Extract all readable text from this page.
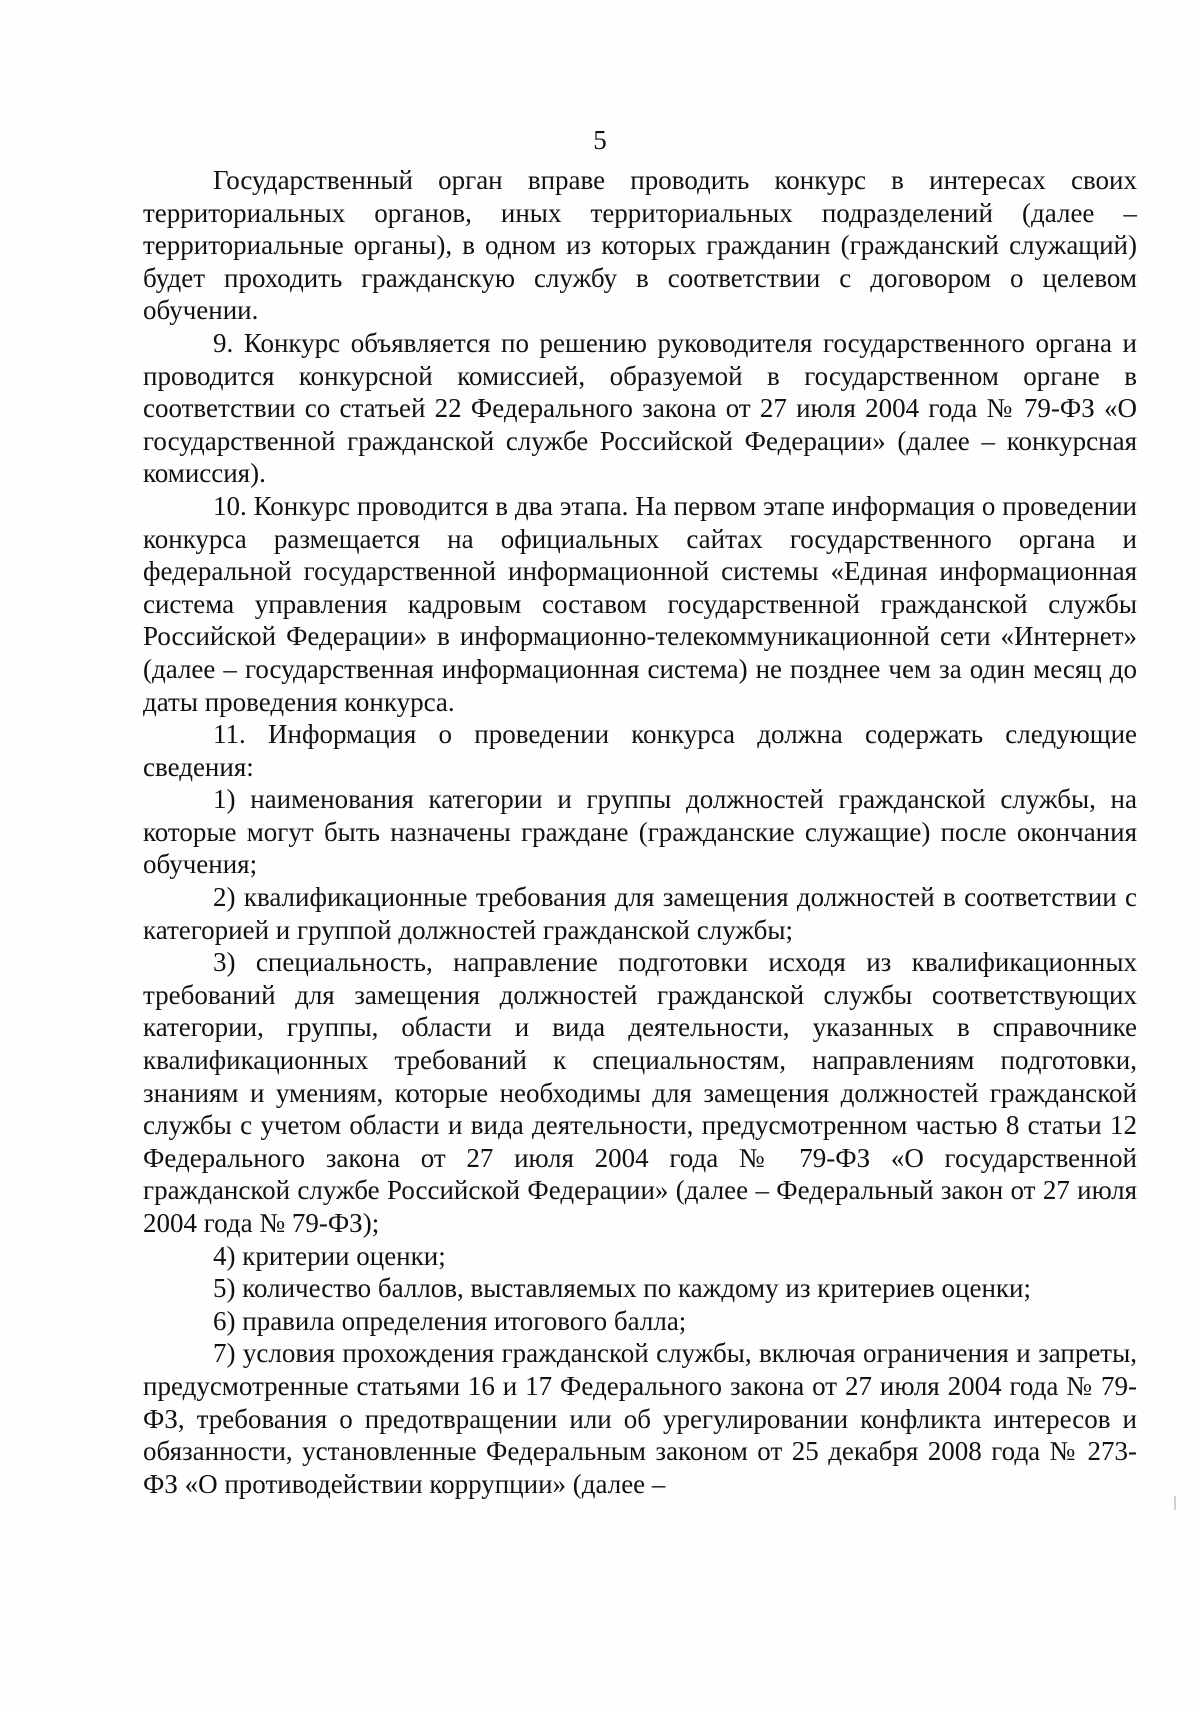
5

Государственный орган вправе проводить конкурс в интересах своих территориальных органов, иных территориальных подразделений (далее – территориальные органы), в одном из которых гражданин (гражданский служащий) будет проходить гражданскую службу в соответствии с договором о целевом обучении.

9. Конкурс объявляется по решению руководителя государственного органа и проводится конкурсной комиссией, образуемой в государственном органе в соответствии со статьей 22 Федерального закона от 27 июля 2004 года № 79-ФЗ «О государственной гражданской службе Российской Федерации» (далее – конкурсная комиссия).

10. Конкурс проводится в два этапа. На первом этапе информация о проведении конкурса размещается на официальных сайтах государственного органа и федеральной государственной информационной системы «Единая информационная система управления кадровым составом государственной гражданской службы Российской Федерации» в информационно-телекоммуникационной сети «Интернет» (далее – государственная информационная система) не позднее чем за один месяц до даты проведения конкурса.

11. Информация о проведении конкурса должна содержать следующие сведения:

1) наименования категории и группы должностей гражданской службы, на которые могут быть назначены граждане (гражданские служащие) после окончания обучения;

2) квалификационные требования для замещения должностей в соответствии с категорией и группой должностей гражданской службы;

3) специальность, направление подготовки исходя из квалификационных требований для замещения должностей гражданской службы соответствующих категории, группы, области и вида деятельности, указанных в справочнике квалификационных требований к специальностям, направлениям подготовки, знаниям и умениям, которые необходимы для замещения должностей гражданской службы с учетом области и вида деятельности, предусмотренном частью 8 статьи 12 Федерального закона от 27 июля 2004 года № 79-ФЗ «О государственной гражданской службе Российской Федерации» (далее – Федеральный закон от 27 июля 2004 года № 79-ФЗ);

4) критерии оценки;

5) количество баллов, выставляемых по каждому из критериев оценки;

6) правила определения итогового балла;

7) условия прохождения гражданской службы, включая ограничения и запреты, предусмотренные статьями 16 и 17 Федерального закона от 27 июля 2004 года № 79-ФЗ, требования о предотвращении или об урегулировании конфликта интересов и обязанности, установленные Федеральным законом от 25 декабря 2008 года № 273-ФЗ «О противодействии коррупции» (далее –
